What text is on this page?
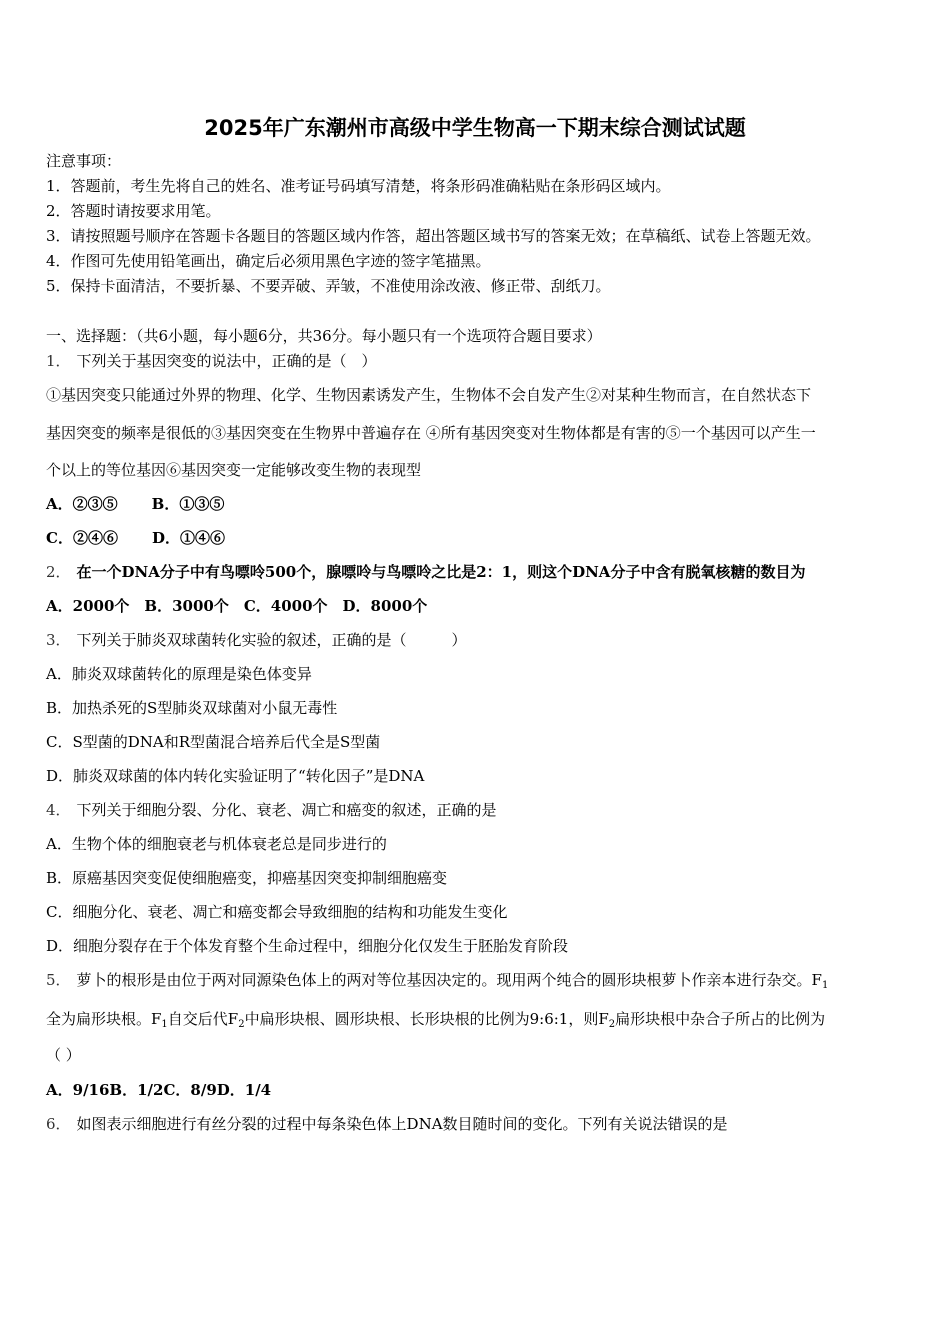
2025年广东潮州市高级中学生物高一下期末综合测试试题
注意事项：
1．答题前，考生先将自己的姓名、准考证号码填写清楚，将条形码准确粘贴在条形码区域内。
2．答题时请按要求用笔。
3．请按照题号顺序在答题卡各题目的答题区域内作答，超出答题区域书写的答案无效；在草稿纸、试卷上答题无效。
4．作图可先使用铅笔画出，确定后必须用黑色字迹的签字笔描黑。
5．保持卡面清洁，不要折暴、不要弄破、弄皱，不准使用涂改液、修正带、刮纸刀。
一、选择题：（共6小题，每小题6分，共36分。每小题只有一个选项符合题目要求）
1． 下列关于基因突变的说法中，正确的是（　）
①基因突变只能通过外界的物理、化学、生物因素诱发产生，生物体不会自发产生②对某种生物而言，在自然状态下
基因突变的频率是很低的③基因突变在生物界中普遍存在 ④所有基因突变对生物体都是有害的⑤一个基因可以产生一
个以上的等位基因⑥基因突变一定能够改变生物的表现型
A．②③⑤ B．①③⑤
C．②④⑥ D．①④⑥
2． 在一个DNA分子中有鸟嘌呤500个，腺嘌呤与鸟嘌呤之比是2：1，则这个DNA分子中含有脱氧核糖的数目为
A．2000个　B．3000个　C．4000个　D．8000个
3． 下列关于肺炎双球菌转化实验的叙述，正确的是（　　　）
A．肺炎双球菌转化的原理是染色体变异
B．加热杀死的S型肺炎双球菌对小鼠无毒性
C．S型菌的DNA和R型菌混合培养后代全是S型菌
D．肺炎双球菌的体内转化实验证明了“转化因子”是DNA
4． 下列关于细胞分裂、分化、衰老、凋亡和癌变的叙述，正确的是
A．生物个体的细胞衰老与机体衰老总是同步进行的
B．原癌基因突变促使细胞癌变，抑癌基因突变抑制细胞癌变
C．细胞分化、衰老、凋亡和癌变都会导致细胞的结构和功能发生变化
D．细胞分裂存在于个体发育整个生命过程中，细胞分化仅发生于胚胎发育阶段
5． 萝卜的根形是由位于两对同源染色体上的两对等位基因决定的。现用两个纯合的圆形块根萝卜作亲本进行杂交。$F_1$
全为扁形块根。$F_1$自交后代$F_2$中扁形块根、圆形块根、长形块根的比例为9:6:1，则$F_2$扁形块根中杂合子所占的比例为
（ ）
A．9/16B．1/2C．8/9D．1/4
6． 如图表示细胞进行有丝分裂的过程中每条染色体上DNA数目随时间的变化。下列有关说法错误的是
